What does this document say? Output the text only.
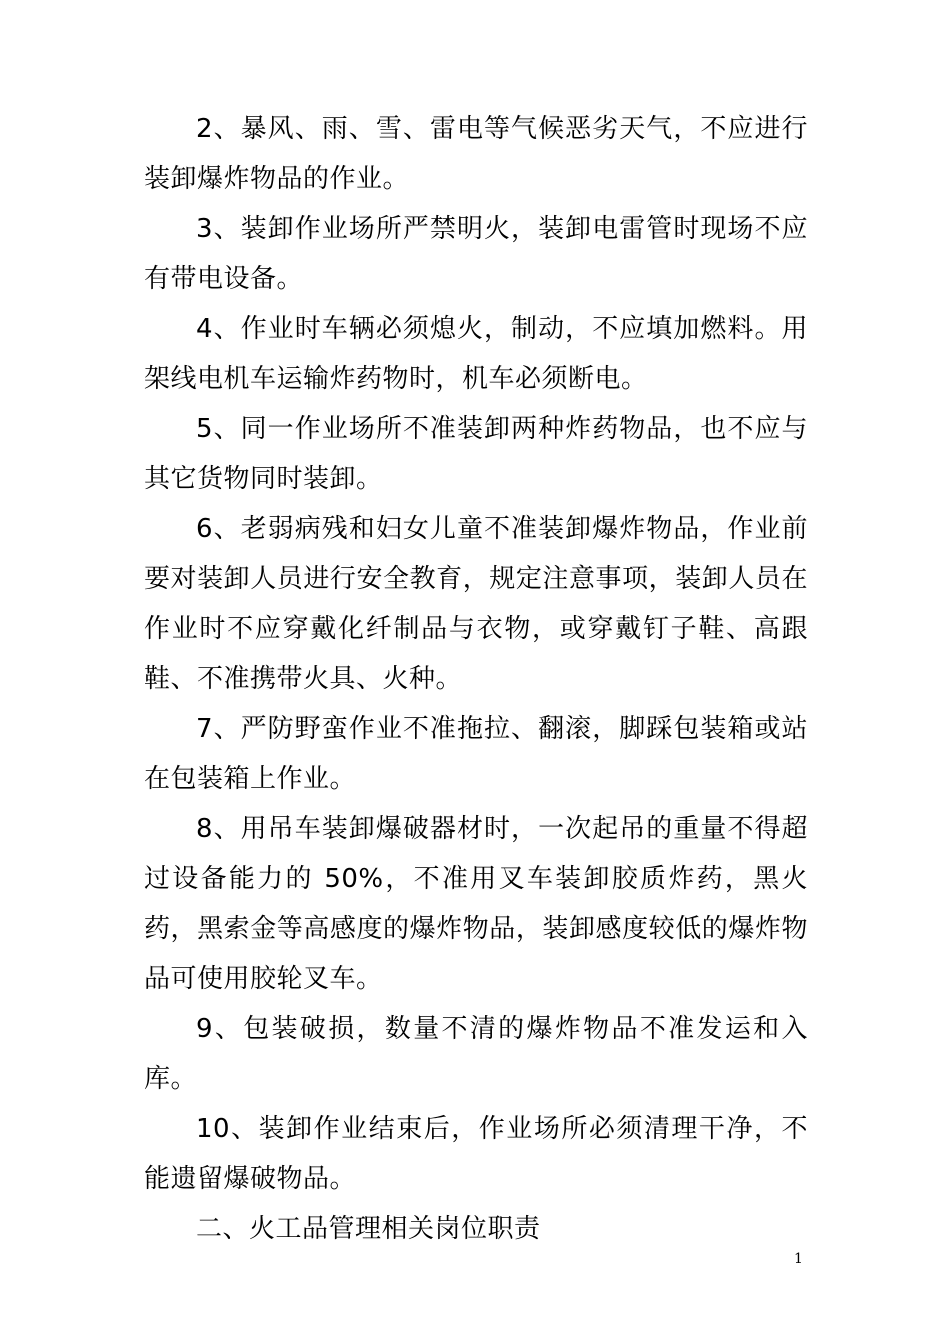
2、暴风、雨、雪、雷电等气候恶劣天气，不应进行装卸爆炸物品的作业。

3、装卸作业场所严禁明火，装卸电雷管时现场不应有带电设备。

4、作业时车辆必须熄火，制动，不应填加燃料。用架线电机车运输炸药物时，机车必须断电。

5、同一作业场所不准装卸两种炸药物品，也不应与其它货物同时装卸。

6、老弱病残和妇女儿童不准装卸爆炸物品，作业前要对装卸人员进行安全教育，规定注意事项，装卸人员在作业时不应穿戴化纤制品与衣物，或穿戴钉子鞋、高跟鞋、不准携带火具、火种。

7、严防野蛮作业不准拖拉、翻滚，脚踩包装箱或站在包装箱上作业。

8、用吊车装卸爆破器材时，一次起吊的重量不得超过设备能力的 50%，不准用叉车装卸胶质炸药，黑火药，黑索金等高感度的爆炸物品，装卸感度较低的爆炸物品可使用胶轮叉车。

9、包装破损，数量不清的爆炸物品不准发运和入库。

10、装卸作业结束后，作业场所必须清理干净，不能遗留爆破物品。

二、火工品管理相关岗位职责

1
